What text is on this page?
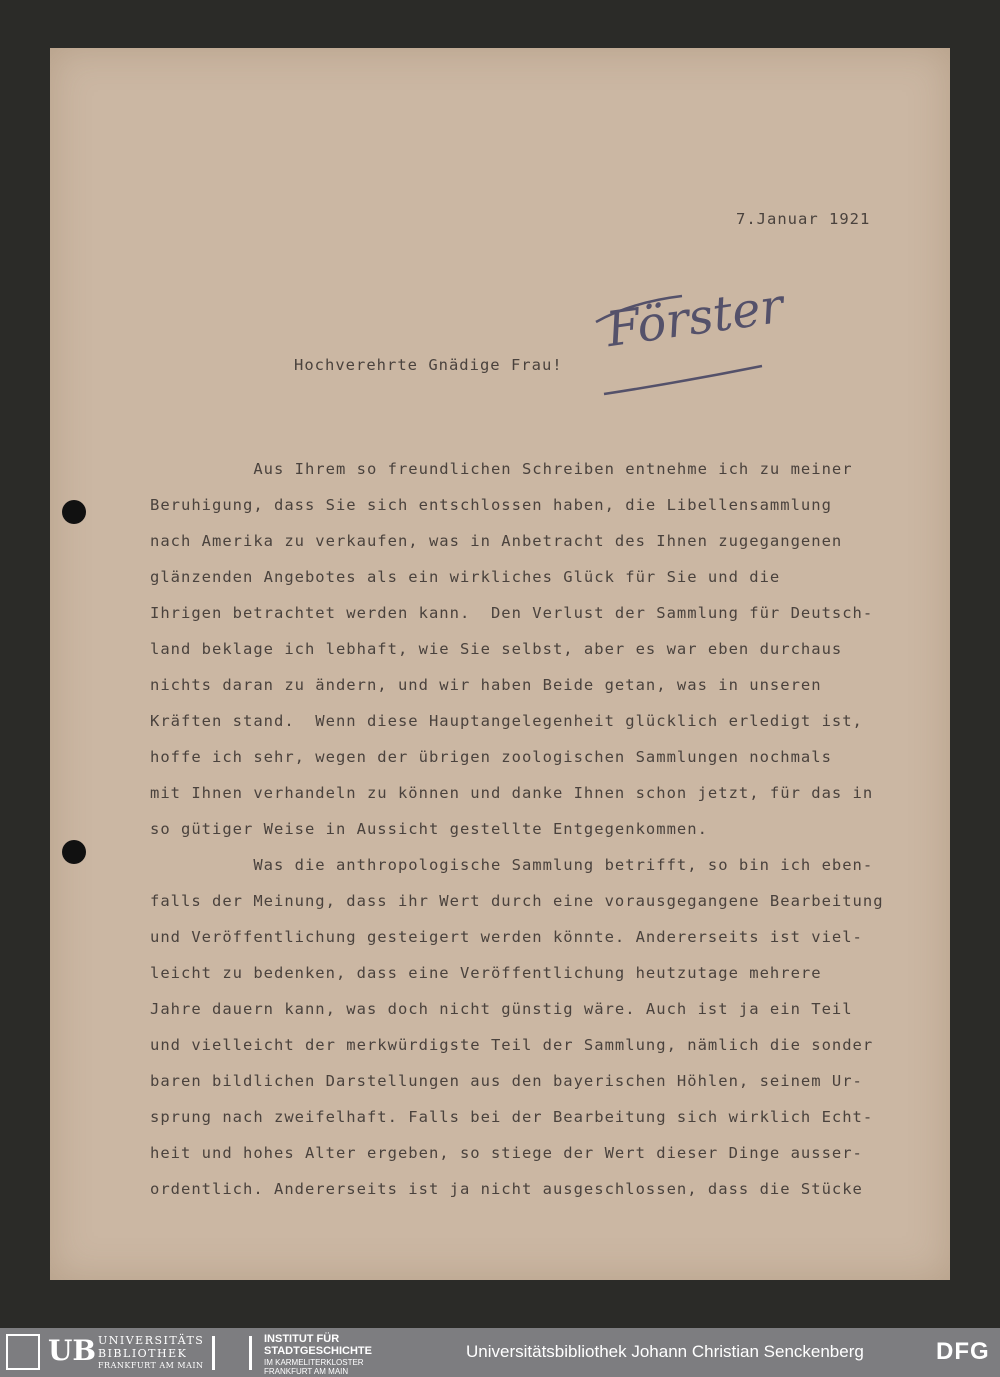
7.Januar 1921

Förster

Hochverehrte Gnädige Frau!

Aus Ihrem so freundlichen Schreiben entnehme ich zu meiner

Beruhigung, dass Sie sich entschlossen haben, die Libellensammlung

nach Amerika zu verkaufen, was in Anbetracht des Ihnen zugegangenen

glänzenden Angebotes als ein wirkliches Glück für Sie und die

Ihrigen betrachtet werden kann.  Den Verlust der Sammlung für Deutsch-

land beklage ich lebhaft, wie Sie selbst, aber es war eben durchaus

nichts daran zu ändern, und wir haben Beide getan, was in unseren

Kräften stand.  Wenn diese Hauptangelegenheit glücklich erledigt ist,

hoffe ich sehr, wegen der übrigen zoologischen Sammlungen nochmals

mit Ihnen verhandeln zu können und danke Ihnen schon jetzt, für das in

so gütiger Weise in Aussicht gestellte Entgegenkommen.

Was die anthropologische Sammlung betrifft, so bin ich eben-

falls der Meinung, dass ihr Wert durch eine vorausgegangene Bearbeitung

und Veröffentlichung gesteigert werden könnte. Andererseits ist viel-

leicht zu bedenken, dass eine Veröffentlichung heutzutage mehrere

Jahre dauern kann, was doch nicht günstig wäre. Auch ist ja ein Teil

und vielleicht der merkwürdigste Teil der Sammlung, nämlich die sonder

baren bildlichen Darstellungen aus den bayerischen Höhlen, seinem Ur-

sprung nach zweifelhaft. Falls bei der Bearbeitung sich wirklich Echt-

heit und hohes Alter ergeben, so stiege der Wert dieser Dinge ausser-

ordentlich. Andererseits ist ja nicht ausgeschlossen, dass die Stücke

UB UNIVERSITÄTS

BIBLIOTHEK

FRANKFURT AM MAIN

INSTITUT FÜR

STADTGESCHICHTE

IM KARMELITERKLOSTER

FRANKFURT AM MAIN

Universitätsbibliothek Johann Christian Senckenberg	DFG
